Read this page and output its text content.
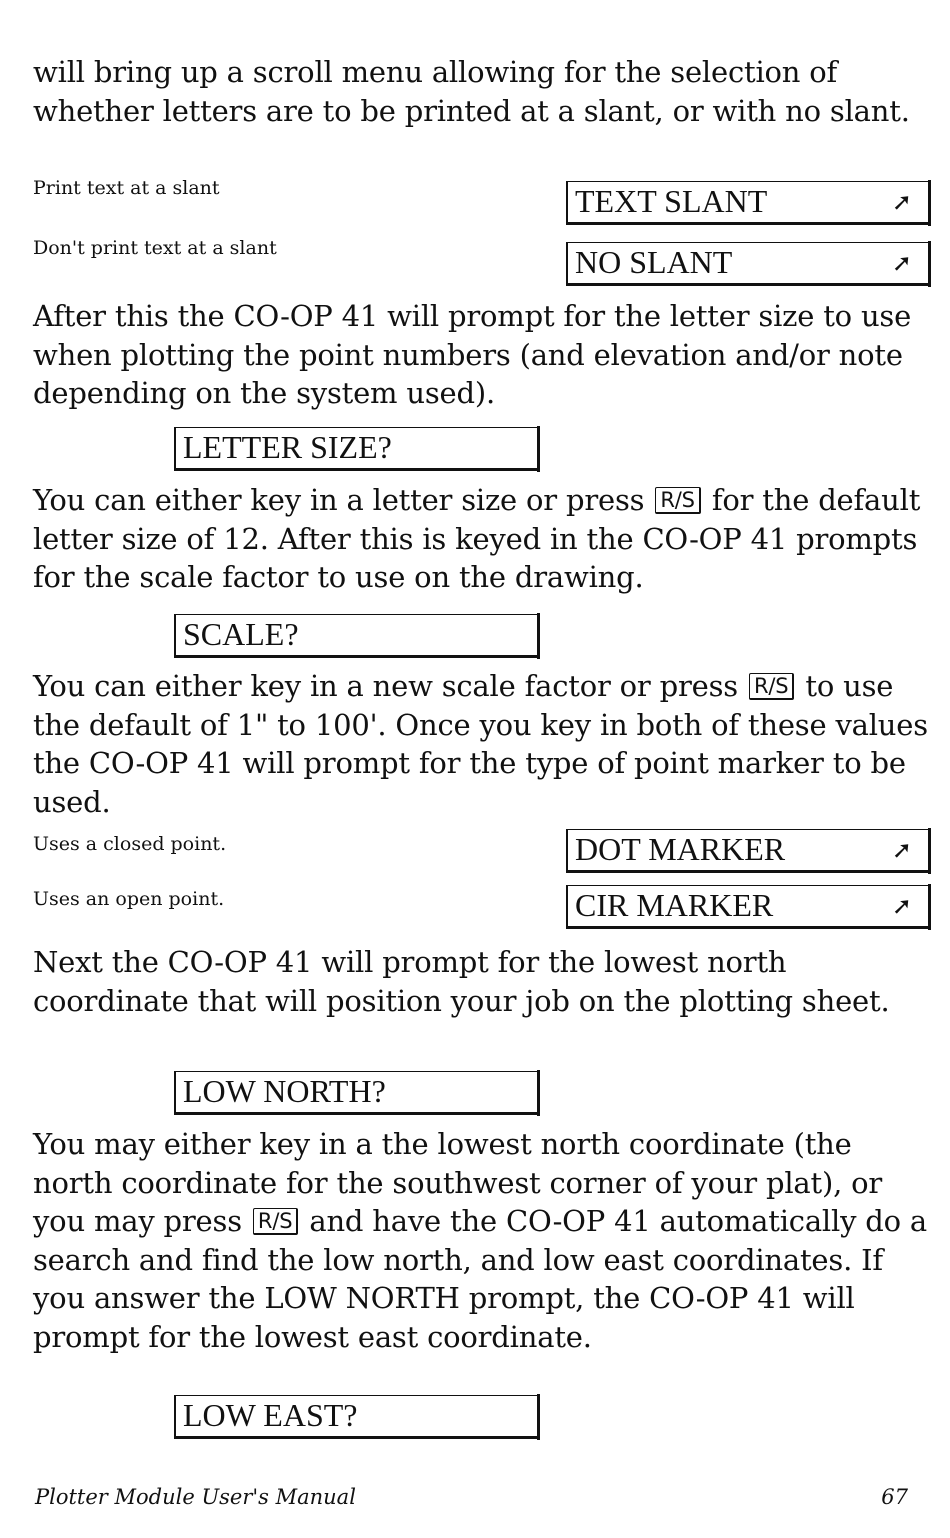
will bring up a scroll menu allowing for the selection of whether letters are to be printed at a slant, or with no slant.

Print text at a slant	TEXT SLANT	➚

Don't print text at a slant	NO SLANT	➚

After this the CO-OP 41 will prompt for the letter size to use when plotting the point numbers (and elevation and/or note depending on the system used).

LETTER SIZE?

You can either key in a letter size or press R/S for the default letter size of 12. After this is keyed in the CO-OP 41 prompts for the scale factor to use on the drawing.

SCALE?

You can either key in a new scale factor or press R/S to use the default of 1" to 100'. Once you key in both of these values the CO-OP 41 will prompt for the type of point marker to be used.

Uses a closed point.	DOT MARKER	➚

Uses an open point.	CIR MARKER	➚

Next the CO-OP 41 will prompt for the lowest north coordinate that will position your job on the plotting sheet.

LOW NORTH?

You may either key in a the lowest north coordinate (the north coordinate for the southwest corner of your plat), or you may press R/S and have the CO-OP 41 automatically do a search and find the low north, and low east coordinates. If you answer the LOW NORTH prompt, the CO-OP 41 will prompt for the lowest east coordinate.

LOW EAST?
Plotter Module User's Manual	67
